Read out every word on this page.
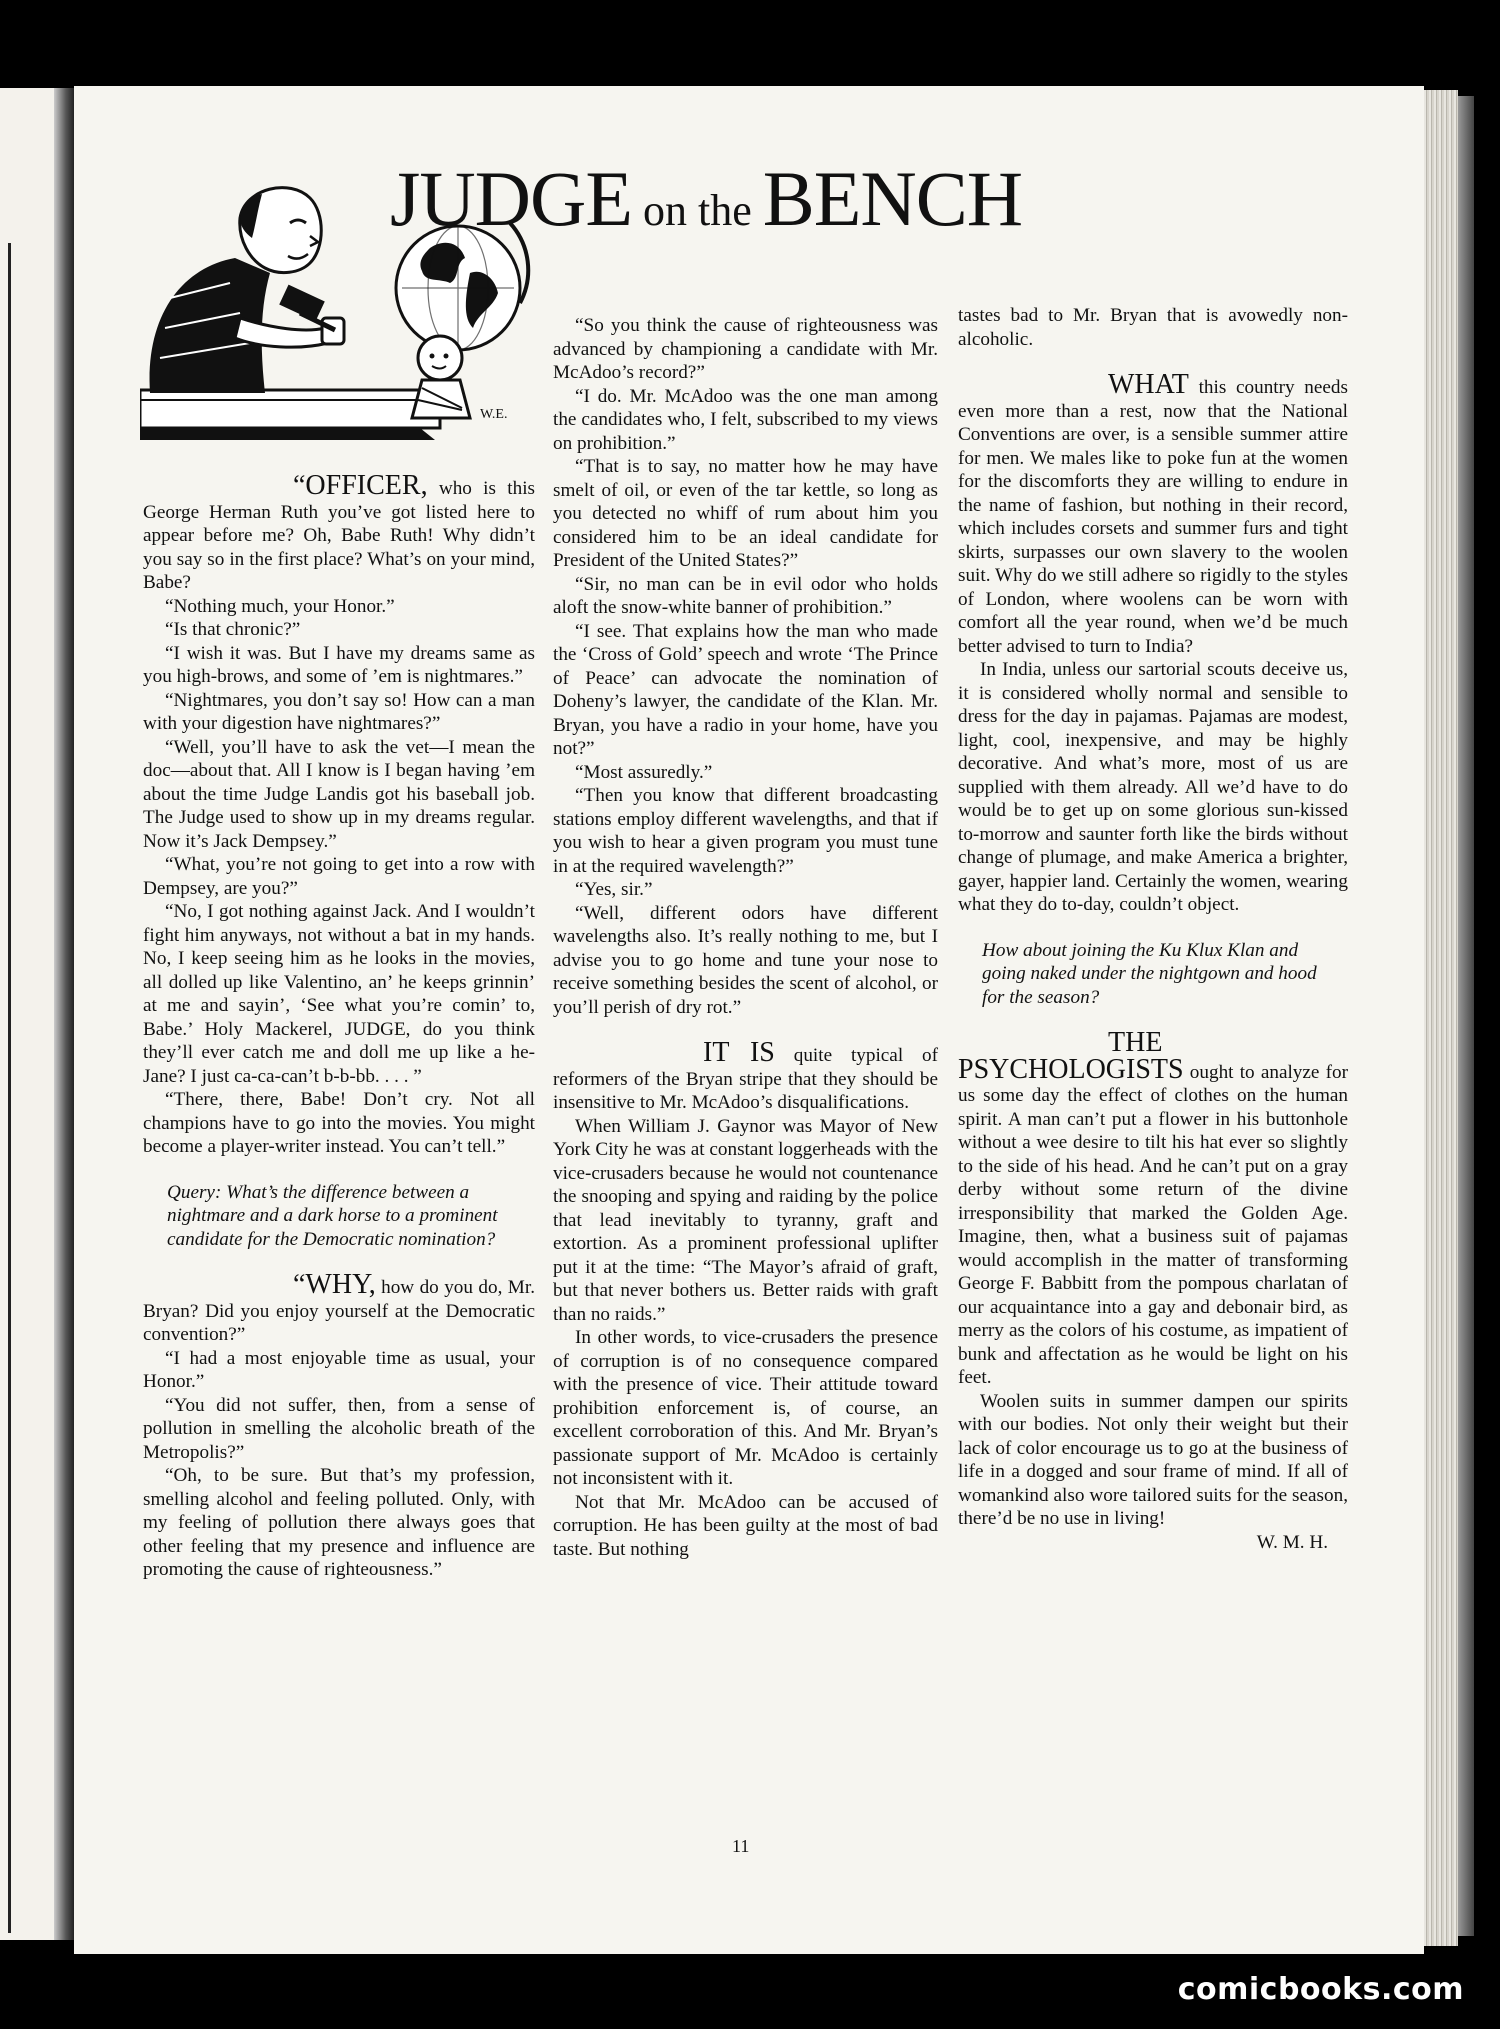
W.E.
JUDGE on the BENCH

“OFFICER, who is this George Herman Ruth you’ve got listed here to appear before me? Oh, Babe Ruth! Why didn’t you say so in the first place? What’s on your mind, Babe?

“Nothing much, your Honor.”

“Is that chronic?”

“I wish it was. But I have my dreams same as you high-brows, and some of ’em is nightmares.”

“Nightmares, you don’t say so! How can a man with your digestion have nightmares?”

“Well, you’ll have to ask the vet—I mean the doc—about that. All I know is I began having ’em about the time Judge Landis got his baseball job. The Judge used to show up in my dreams regular. Now it’s Jack Dempsey.”

“What, you’re not going to get into a row with Dempsey, are you?”

“No, I got nothing against Jack. And I wouldn’t fight him anyways, not without a bat in my hands. No, I keep seeing him as he looks in the movies, all dolled up like Valentino, an’ he keeps grinnin’ at me and sayin’, ‘See what you’re comin’ to, Babe.’ Holy Mackerel, JUDGE, do you think they’ll ever catch me and doll me up like a he-Jane? I just ca-ca-can’t b-b-bb. . . . ”

“There, there, Babe! Don’t cry. Not all champions have to go into the movies. You might become a player-writer instead. You can’t tell.”

Query: What’s the difference between a nightmare and a dark horse to a prominent candidate for the Democratic nomination?

“WHY, how do you do, Mr. Bryan? Did you enjoy yourself at the Democratic convention?”

“I had a most enjoyable time as usual, your Honor.”

“You did not suffer, then, from a sense of pollution in smelling the alcoholic breath of the Metropolis?”

“Oh, to be sure. But that’s my profession, smelling alcohol and feeling polluted. Only, with my feeling of pollution there always goes that other feeling that my presence and influence are promoting the cause of righteousness.”

“So you think the cause of righteousness was advanced by championing a candidate with Mr. McAdoo’s record?”

“I do. Mr. McAdoo was the one man among the candidates who, I felt, subscribed to my views on prohibition.”

“That is to say, no matter how he may have smelt of oil, or even of the tar kettle, so long as you detected no whiff of rum about him you considered him to be an ideal candidate for President of the United States?”

“Sir, no man can be in evil odor who holds aloft the snow-white banner of prohibition.”

“I see. That explains how the man who made the ‘Cross of Gold’ speech and wrote ‘The Prince of Peace’ can advocate the nomination of Doheny’s lawyer, the candidate of the Klan. Mr. Bryan, you have a radio in your home, have you not?”

“Most assuredly.”

“Then you know that different broadcasting stations employ different wavelengths, and that if you wish to hear a given program you must tune in at the required wavelength?”

“Yes, sir.”

“Well, different odors have different wavelengths also. It’s really nothing to me, but I advise you to go home and tune your nose to receive something besides the scent of alcohol, or you’ll perish of dry rot.”

IT IS quite typical of reformers of the Bryan stripe that they should be insensitive to Mr. McAdoo’s disqualifications.

When William J. Gaynor was Mayor of New York City he was at constant loggerheads with the vice-crusaders because he would not countenance the snooping and spying and raiding by the police that lead inevitably to tyranny, graft and extortion. As a prominent professional uplifter put it at the time: “The Mayor’s afraid of graft, but that never bothers us. Better raids with graft than no raids.”

In other words, to vice-crusaders the presence of corruption is of no consequence compared with the presence of vice. Their attitude toward prohibition enforcement is, of course, an excellent corroboration of this. And Mr. Bryan’s passionate support of Mr. McAdoo is certainly not inconsistent with it.

Not that Mr. McAdoo can be accused of corruption. He has been guilty at the most of bad taste. But nothing

tastes bad to Mr. Bryan that is avowedly non-alcoholic.

WHAT this country needs even more than a rest, now that the National Conventions are over, is a sensible summer attire for men. We males like to poke fun at the women for the discomforts they are willing to endure in the name of fashion, but nothing in their record, which includes corsets and summer furs and tight skirts, surpasses our own slavery to the woolen suit. Why do we still adhere so rigidly to the styles of London, where woolens can be worn with comfort all the year round, when we’d be much better advised to turn to India?

In India, unless our sartorial scouts deceive us, it is considered wholly normal and sensible to dress for the day in pajamas. Pajamas are modest, light, cool, inexpensive, and may be highly decorative. And what’s more, most of us are supplied with them already. All we’d have to do would be to get up on some glorious sun-kissed to-morrow and saunter forth like the birds without change of plumage, and make America a brighter, gayer, happier land. Certainly the women, wearing what they do to-day, couldn’t object.

How about joining the Ku Klux Klan and going naked under the nightgown and hood for the season?

THE PSYCHOLOGISTS ought to analyze for us some day the effect of clothes on the human spirit. A man can’t put a flower in his buttonhole without a wee desire to tilt his hat ever so slightly to the side of his head. And he can’t put on a gray derby without some return of the divine irresponsibility that marked the Golden Age. Imagine, then, what a business suit of pajamas would accomplish in the matter of transforming George F. Babbitt from the pompous charlatan of our acquaintance into a gay and debonair bird, as merry as the colors of his costume, as impatient of bunk and affectation as he would be light on his feet.

Woolen suits in summer dampen our spirits with our bodies. Not only their weight but their lack of color encourage us to go at the business of life in a dogged and sour frame of mind. If all of womankind also wore tailored suits for the season, there’d be no use in living!

W. M. H.

11
comicbooks.com
